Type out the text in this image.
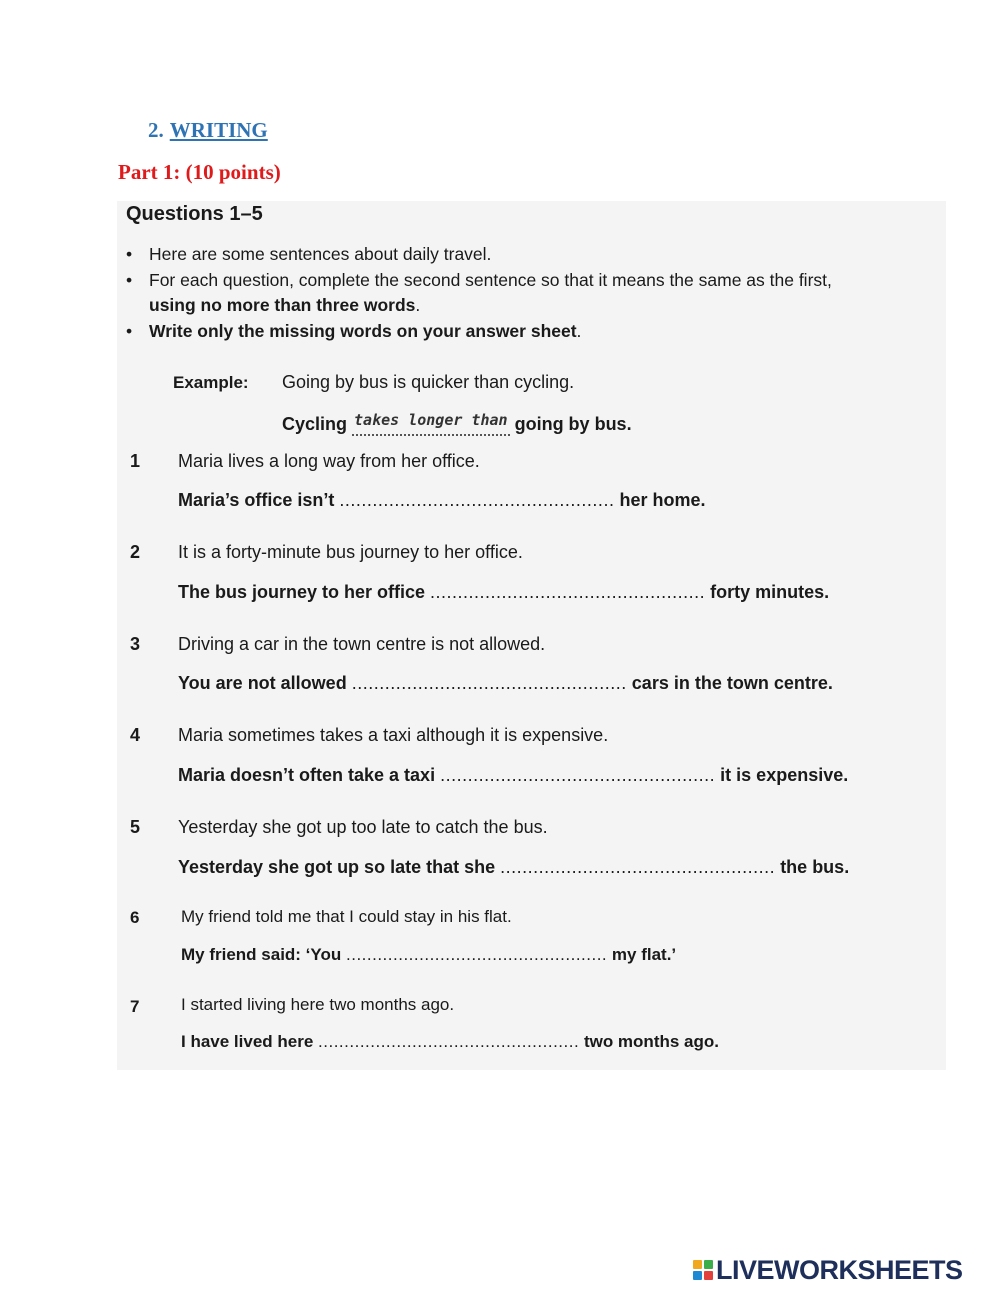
2. WRITING
Part 1: (10 points)
Questions 1–5
• Here are some sentences about daily travel.
• For each question, complete the second sentence so that it means the same as the first,
using no more than three words.
• Write only the missing words on your answer sheet.
Example: Going by bus is quicker than cycling.
Cycling $^{takes longer than}$ going by bus.
1 Maria lives a long way from her office.
Maria’s office isn’t .................................................. her home.
2 It is a forty-minute bus journey to her office.
The bus journey to her office .................................................. forty minutes.
3 Driving a car in the town centre is not allowed.
You are not allowed .................................................. cars in the town centre.
4 Maria sometimes takes a taxi although it is expensive.
Maria doesn’t often take a taxi .................................................. it is expensive.
5 Yesterday she got up too late to catch the bus.
Yesterday she got up so late that she .................................................. the bus.
6 My friend told me that I could stay in his flat.
My friend said: ‘You .................................................. my flat.’
7 I started living here two months ago.
I have lived here .................................................. two months ago.
LIVEWORKSHEETS
